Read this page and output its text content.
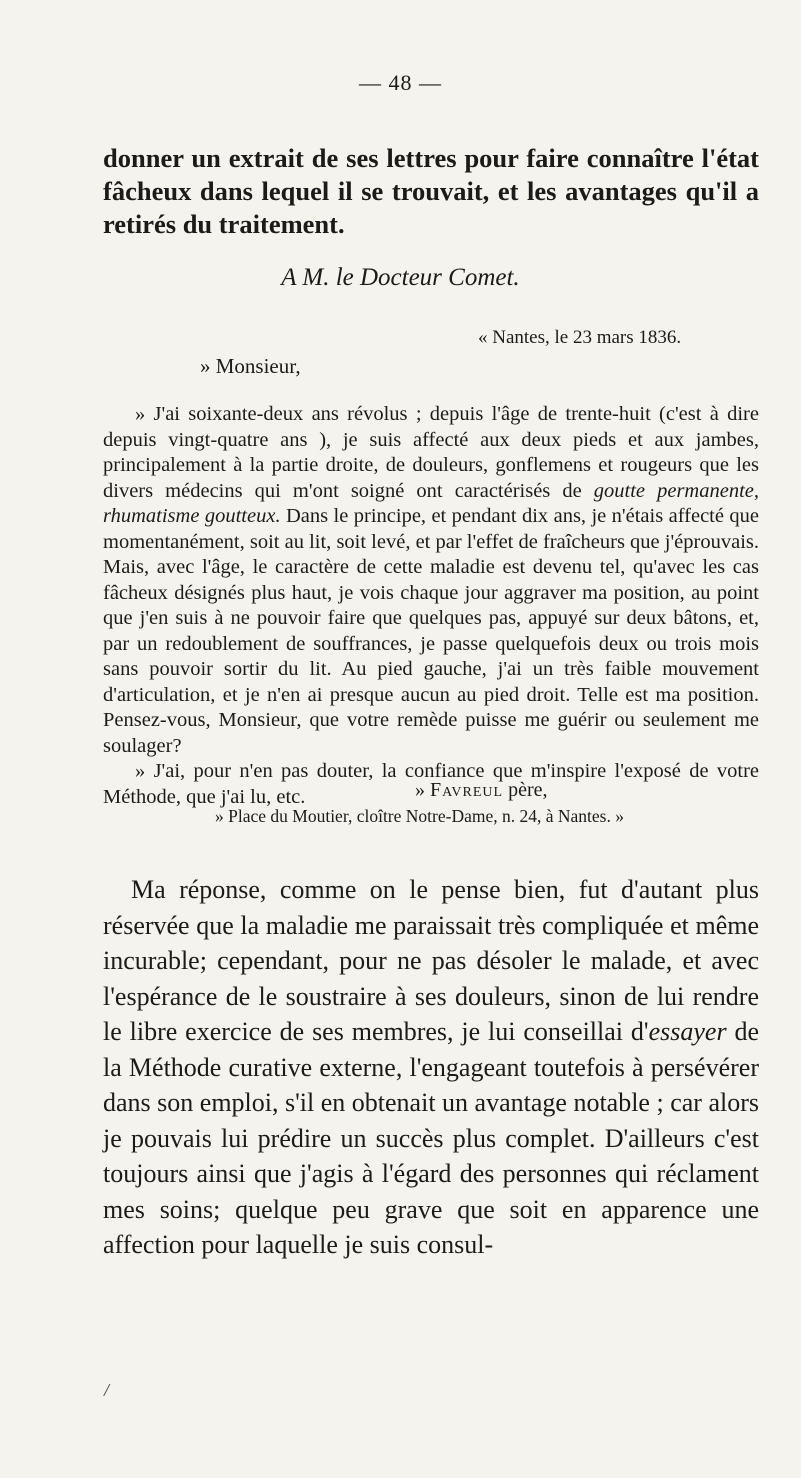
— 48 —

donner un extrait de ses lettres pour faire connaître l'état fâcheux dans lequel il se trouvait, et les avantages qu'il a retirés du traitement.

A M. le Docteur Comet.
« Nantes, le 23 mars 1836.
» Monsieur,

» J'ai soixante-deux ans révolus ; depuis l'âge de trente-huit (c'est à dire depuis vingt-quatre ans ), je suis affecté aux deux pieds et aux jambes, principalement à la partie droite, de douleurs, gonflemens et rougeurs que les divers médecins qui m'ont soigné ont caractérisés de goutte permanente, rhumatisme goutteux. Dans le principe, et pendant dix ans, je n'étais affecté que momentanément, soit au lit, soit levé, et par l'effet de fraîcheurs que j'éprouvais. Mais, avec l'âge, le caractère de cette maladie est devenu tel, qu'avec les cas fâcheux désignés plus haut, je vois chaque jour aggraver ma position, au point que j'en suis à ne pouvoir faire que quelques pas, appuyé sur deux bâtons, et, par un redoublement de souffrances, je passe quelquefois deux ou trois mois sans pouvoir sortir du lit. Au pied gauche, j'ai un très faible mouvement d'articulation, et je n'en ai presque aucun au pied droit. Telle est ma position. Pensez-vous, Monsieur, que votre remède puisse me guérir ou seulement me soulager?

» J'ai, pour n'en pas douter, la confiance que m'inspire l'exposé de votre Méthode, que j'ai lu, etc.	» Favreul père,
» Place du Moutier, cloître Notre-Dame, n. 24, à Nantes. »

Ma réponse, comme on le pense bien, fut d'autant plus réservée que la maladie me paraissait très compliquée et même incurable; cependant, pour ne pas désoler le malade, et avec l'espérance de le soustraire à ses douleurs, sinon de lui rendre le libre exercice de ses membres, je lui conseillai d'essayer de la Méthode curative externe, l'engageant toutefois à persévérer dans son emploi, s'il en obtenait un avantage notable ; car alors je pouvais lui prédire un succès plus complet. D'ailleurs c'est toujours ainsi que j'agis à l'égard des personnes qui réclament mes soins; quelque peu grave que soit en apparence une affection pour laquelle je suis consul-

/
